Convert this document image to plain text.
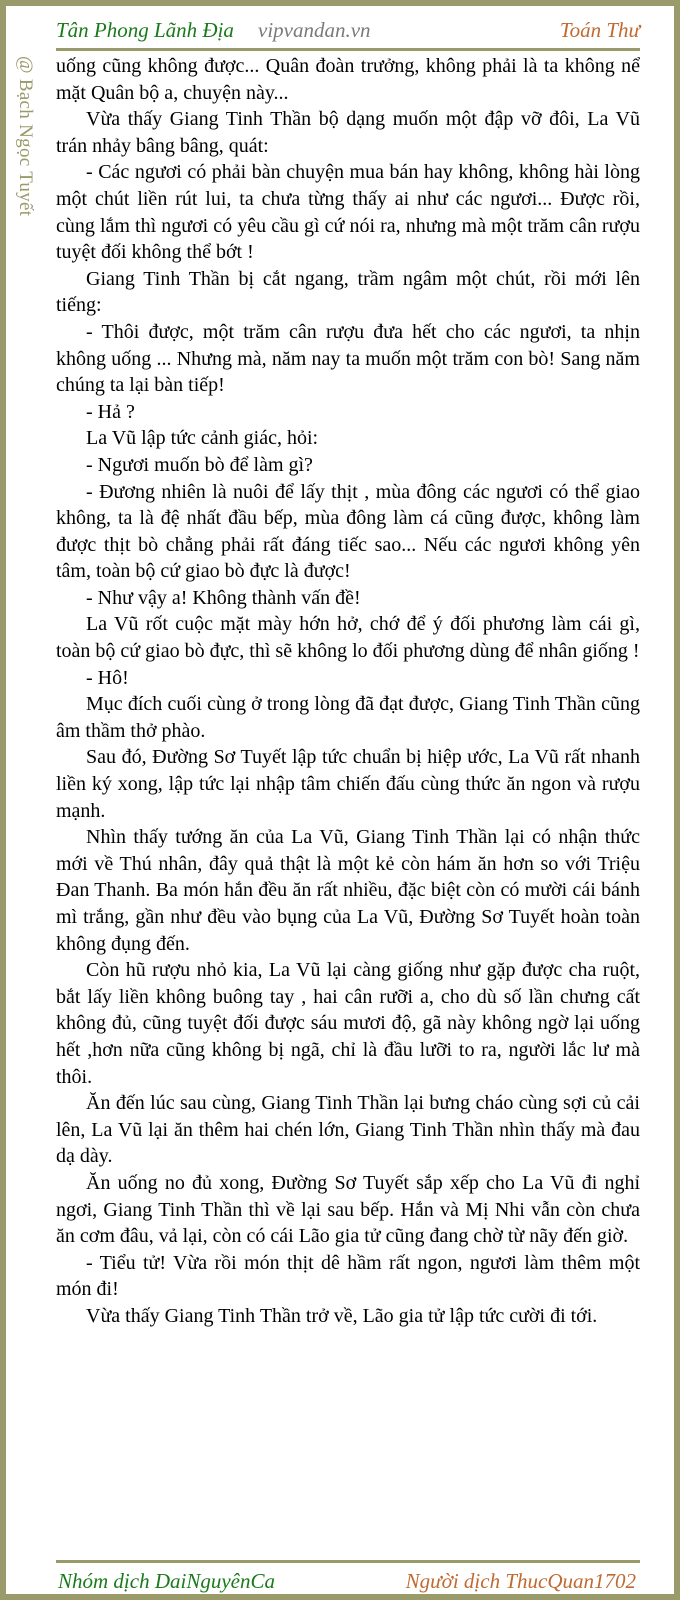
@ Bạch Ngọc Tuyết
Tân Phong Lãnh Địa vipvandan.vn	Toán Thư

uống cũng không được... Quân đoàn trưởng, không phải là ta không nể mặt Quân bộ a, chuyện này...

Vừa thấy Giang Tinh Thần bộ dạng muốn một đập vỡ đôi, La Vũ trán nhảy bâng bâng, quát:

- Các ngươi có phải bàn chuyện mua bán hay không, không hài lòng một chút liền rút lui, ta chưa từng thấy ai như các ngươi... Được rồi, cùng lắm thì ngươi có yêu cầu gì cứ nói ra, nhưng mà một trăm cân rượu tuyệt đối không thể bớt !

Giang Tinh Thần bị cắt ngang, trầm ngâm một chút, rồi mới lên tiếng:

- Thôi được, một trăm cân rượu đưa hết cho các ngươi, ta nhịn không uống ... Nhưng mà, năm nay ta muốn một trăm con bò! Sang năm chúng ta lại bàn tiếp!

- Hả ?

La Vũ lập tức cảnh giác, hỏi:

- Ngươi muốn bò để làm gì?

- Đương nhiên là nuôi để lấy thịt , mùa đông các ngươi có thể giao không, ta là đệ nhất đầu bếp, mùa đông làm cá cũng được, không làm được thịt bò chẳng phải rất đáng tiếc sao... Nếu các ngươi không yên tâm, toàn bộ cứ giao bò đực là được!

- Như vậy a! Không thành vấn đề!

La Vũ rốt cuộc mặt mày hớn hở, chớ để ý đối phương làm cái gì, toàn bộ cứ giao bò đực, thì sẽ không lo đối phương dùng để nhân giống !

- Hô!

Mục đích cuối cùng ở trong lòng đã đạt được, Giang Tinh Thần cũng âm thầm thở phào.

Sau đó, Đường Sơ Tuyết lập tức chuẩn bị hiệp ước, La Vũ rất nhanh liền ký xong, lập tức lại nhập tâm chiến đấu cùng thức ăn ngon và rượu mạnh.

Nhìn thấy tướng ăn của La Vũ, Giang Tinh Thần lại có nhận thức mới về Thú nhân, đây quả thật là một kẻ còn hám ăn hơn so với Triệu Đan Thanh. Ba món hắn đều ăn rất nhiều, đặc biệt còn có mười cái bánh mì trắng, gần như đều vào bụng của La Vũ, Đường Sơ Tuyết hoàn toàn không đụng đến.

Còn hũ rượu nhỏ kia, La Vũ lại càng giống như gặp được cha ruột, bắt lấy liền không buông tay , hai cân rưỡi a, cho dù số lần chưng cất không đủ, cũng tuyệt đối được sáu mươi độ, gã này không ngờ lại uống hết ,hơn nữa cũng không bị ngã, chỉ là đầu lưỡi to ra, người lắc lư mà thôi.

Ăn đến lúc sau cùng, Giang Tinh Thần lại bưng cháo cùng sợi củ cải lên, La Vũ lại ăn thêm hai chén lớn, Giang Tinh Thần nhìn thấy mà đau dạ dày.

Ăn uống no đủ xong, Đường Sơ Tuyết sắp xếp cho La Vũ đi nghỉ ngơi, Giang Tinh Thần thì về lại sau bếp. Hắn và Mị Nhi vẫn còn chưa ăn cơm đâu, vả lại, còn có cái Lão gia tử cũng đang chờ từ nãy đến giờ.

- Tiểu tử! Vừa rồi món thịt dê hầm rất ngon, ngươi làm thêm một món đi!

Vừa thấy Giang Tinh Thần trở về, Lão gia tử lập tức cười đi tới.

Nhóm dịch DaiNguyênCa	Người dịch ThucQuan1702
